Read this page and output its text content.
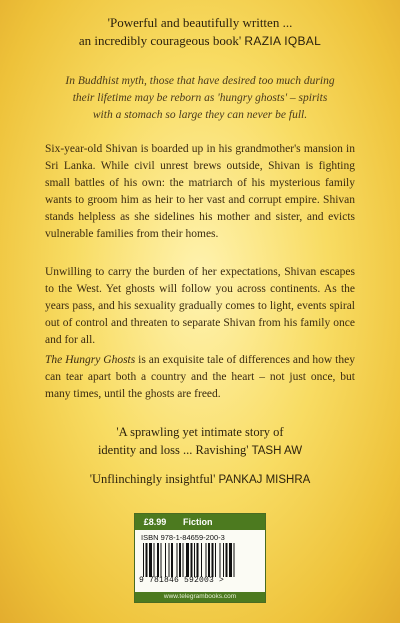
'Powerful and beautifully written ...
an incredibly courageous book' RAZIA IQBAL
In Buddhist myth, those that have desired too much during
their lifetime may be reborn as 'hungry ghosts' – spirits
with a stomach so large they can never be full.
Six-year-old Shivan is boarded up in his grandmother's mansion in Sri Lanka. While civil unrest brews outside, Shivan is fighting small battles of his own: the matriarch of his mysterious family wants to groom him as heir to her vast and corrupt empire. Shivan stands helpless as she sidelines his mother and sister, and evicts vulnerable families from their homes.
Unwilling to carry the burden of her expectations, Shivan escapes to the West. Yet ghosts will follow you across continents. As the years pass, and his sexuality gradually comes to light, events spiral out of control and threaten to separate Shivan from his family once and for all.
The Hungry Ghosts is an exquisite tale of differences and how they can tear apart both a country and the heart – not just once, but many times, until the ghosts are freed.
'A sprawling yet intimate story of
identity and loss ... Ravishing' TASH AW
'Unflinchingly insightful' PANKAJ MISHRA
£8.99	Fiction
ISBN 978-1-84659-200-3
9 781846 592003 >
www.telegrambooks.com
